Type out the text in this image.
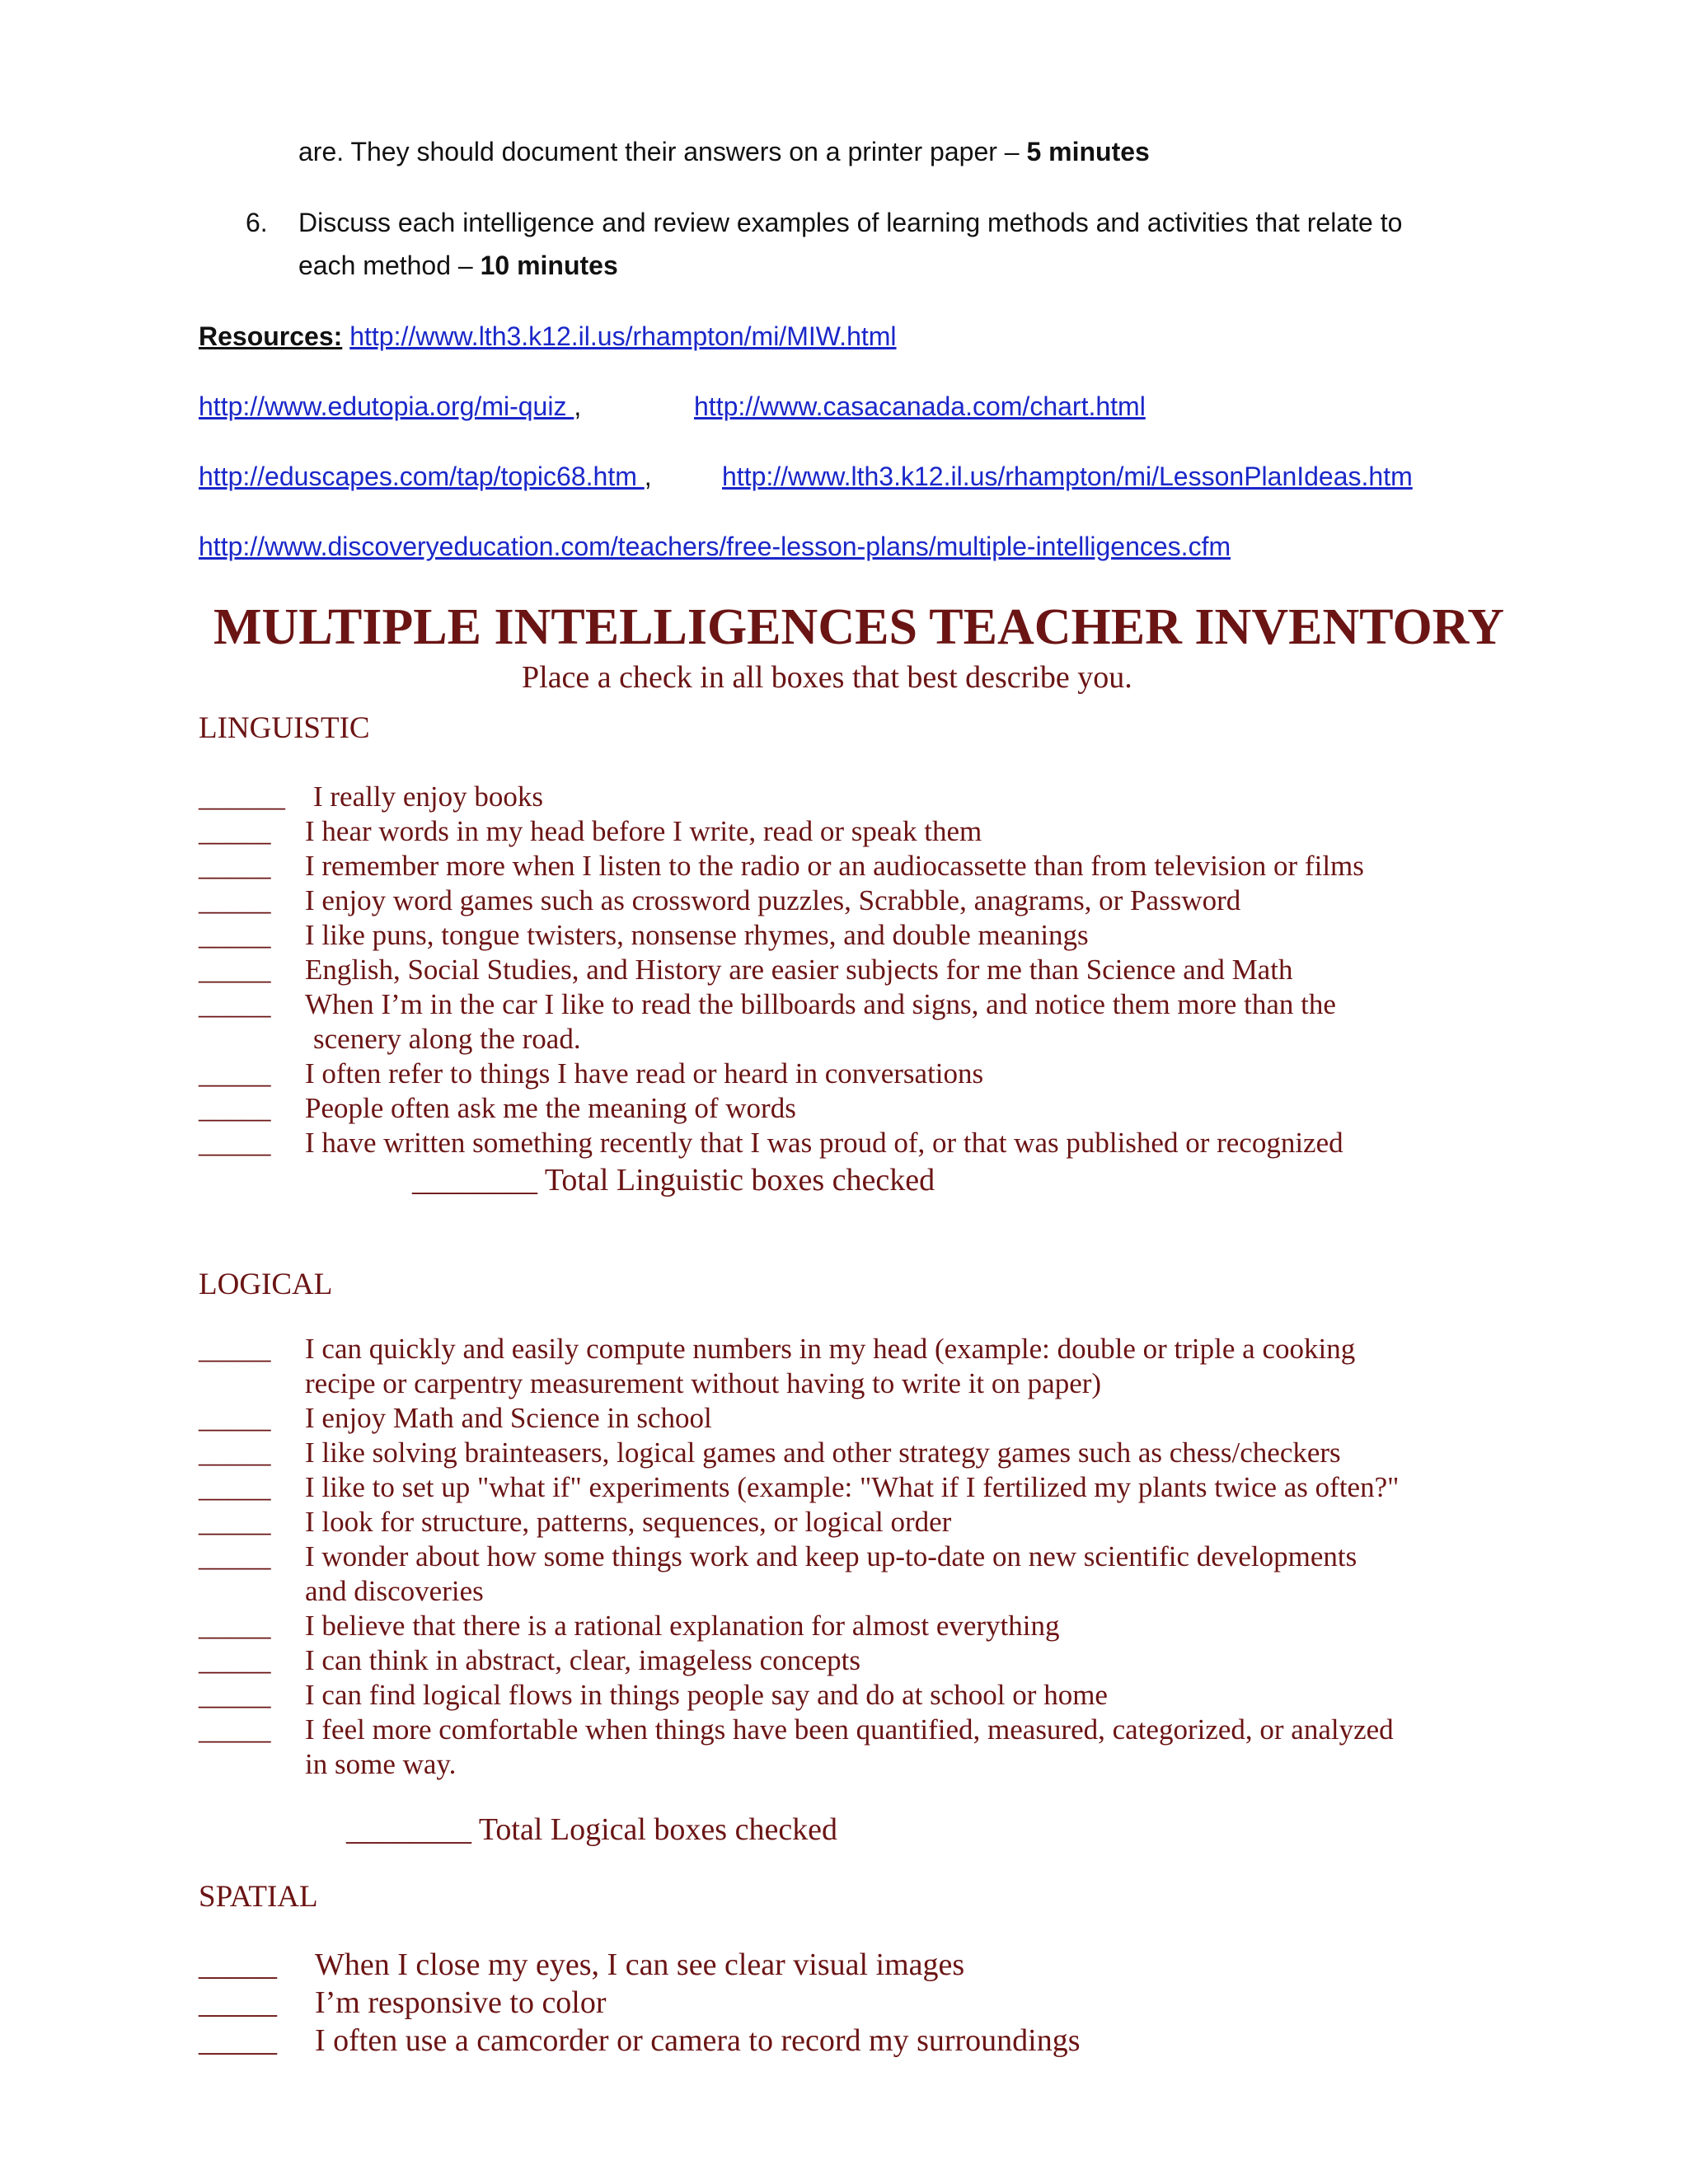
are. They should document their answers on a printer paper – 5 minutes
6. Discuss each intelligence and review examples of learning methods and activities that relate to
each method – 10 minutes
Resources: http://www.lth3.k12.il.us/rhampton/mi/MIW.html
http://www.edutopia.org/mi-quiz ,	http://www.casacanada.com/chart.html
http://eduscapes.com/tap/topic68.htm ,	http://www.lth3.k12.il.us/rhampton/mi/LessonPlanIdeas.htm
http://www.discoveryeducation.com/teachers/free-lesson-plans/multiple-intelligences.cfm
MULTIPLE INTELLIGENCES TEACHER INVENTORY
Place a check in all boxes that best describe you.
LINGUISTIC
______ I really enjoy books
_____ I hear words in my head before I write, read or speak them
_____ I remember more when I listen to the radio or an audiocassette than from television or films
_____ I enjoy word games such as crossword puzzles, Scrabble, anagrams, or Password
_____ I like puns, tongue twisters, nonsense rhymes, and double meanings
_____ English, Social Studies, and History are easier subjects for me than Science and Math
_____ When I’m in the car I like to read the billboards and signs, and notice them more than the
scenery along the road.
_____ I often refer to things I have read or heard in conversations
_____ People often ask me the meaning of words
_____ I have written something recently that I was proud of, or that was published or recognized
________ Total Linguistic boxes checked
LOGICAL
_____ I can quickly and easily compute numbers in my head (example: double or triple a cooking
recipe or carpentry measurement without having to write it on paper)
_____ I enjoy Math and Science in school
_____ I like solving brainteasers, logical games and other strategy games such as chess/checkers
_____ I like to set up "what if" experiments (example: "What if I fertilized my plants twice as often?"
_____ I look for structure, patterns, sequences, or logical order
_____ I wonder about how some things work and keep up-to-date on new scientific developments
and discoveries
_____ I believe that there is a rational explanation for almost everything
_____ I can think in abstract, clear, imageless concepts
_____ I can find logical flows in things people say and do at school or home
_____ I feel more comfortable when things have been quantified, measured, categorized, or analyzed
in some way.
________ Total Logical boxes checked
SPATIAL
_____ When I close my eyes, I can see clear visual images
_____ I’m responsive to color
_____ I often use a camcorder or camera to record my surroundings
